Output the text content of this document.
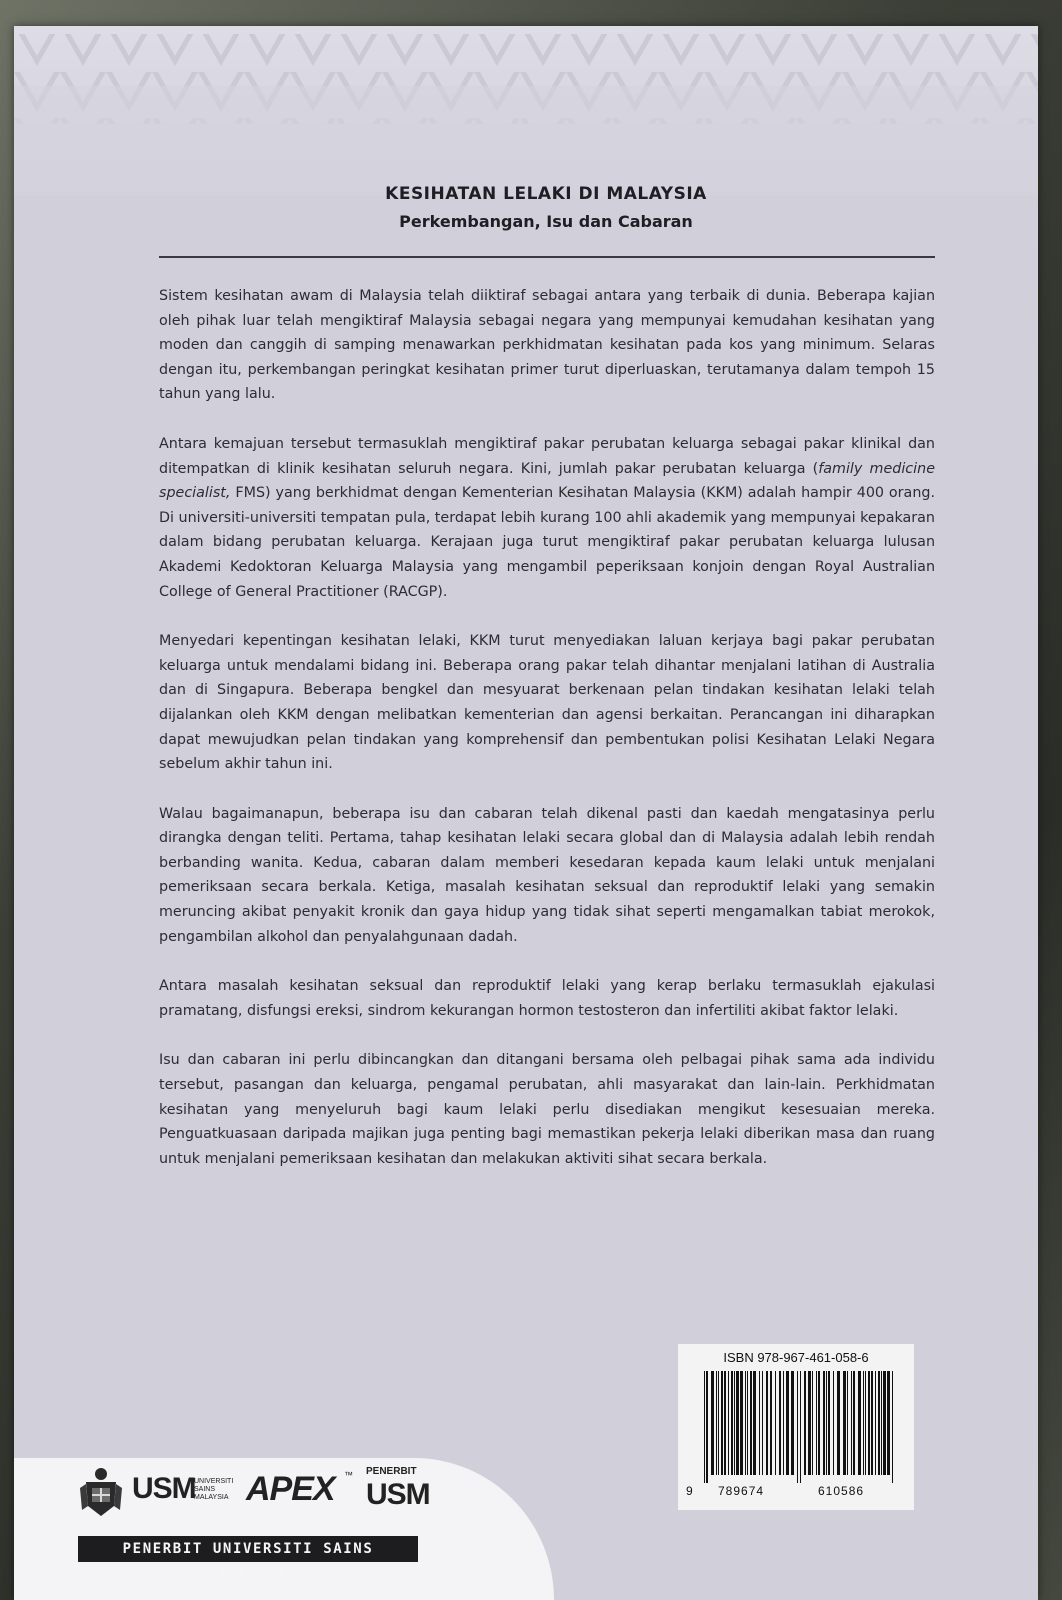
KESIHATAN LELAKI DI MALAYSIA
Perkembangan, Isu dan Cabaran

Sistem kesihatan awam di Malaysia telah diiktiraf sebagai antara yang terbaik di dunia. Beberapa kajian oleh pihak luar telah mengiktiraf Malaysia sebagai negara yang mempunyai kemudahan kesihatan yang moden dan canggih di samping menawarkan perkhidmatan kesihatan pada kos yang minimum. Selaras dengan itu, perkembangan peringkat kesihatan primer turut diperluaskan, terutamanya dalam tempoh 15 tahun yang lalu.

Antara kemajuan tersebut termasuklah mengiktiraf pakar perubatan keluarga sebagai pakar klinikal dan ditempatkan di klinik kesihatan seluruh negara. Kini, jumlah pakar perubatan keluarga (family medicine specialist, FMS) yang berkhidmat dengan Kementerian Kesihatan Malaysia (KKM) adalah hampir 400 orang. Di universiti-universiti tempatan pula, terdapat lebih kurang 100 ahli akademik yang mempunyai kepakaran dalam bidang perubatan keluarga. Kerajaan juga turut mengiktiraf pakar perubatan keluarga lulusan Akademi Kedoktoran Keluarga Malaysia yang mengambil peperiksaan konjoin dengan Royal Australian College of General Practitioner (RACGP).

Menyedari kepentingan kesihatan lelaki, KKM turut menyediakan laluan kerjaya bagi pakar perubatan keluarga untuk mendalami bidang ini. Beberapa orang pakar telah dihantar menjalani latihan di Australia dan di Singapura. Beberapa bengkel dan mesyuarat berkenaan pelan tindakan kesihatan lelaki telah dijalankan oleh KKM dengan melibatkan kementerian dan agensi berkaitan. Perancangan ini diharapkan dapat mewujudkan pelan tindakan yang komprehensif dan pembentukan polisi Kesihatan Lelaki Negara sebelum akhir tahun ini.

Walau bagaimanapun, beberapa isu dan cabaran telah dikenal pasti dan kaedah mengatasinya perlu dirangka dengan teliti. Pertama, tahap kesihatan lelaki secara global dan di Malaysia adalah lebih rendah berbanding wanita. Kedua, cabaran dalam memberi kesedaran kepada kaum lelaki untuk menjalani pemeriksaan secara berkala. Ketiga, masalah kesihatan seksual dan reproduktif lelaki yang semakin meruncing akibat penyakit kronik dan gaya hidup yang tidak sihat seperti mengamalkan tabiat merokok, pengambilan alkohol dan penyalahgunaan dadah.

Antara masalah kesihatan seksual dan reproduktif lelaki yang kerap berlaku termasuklah ejakulasi pramatang, disfungsi ereksi, sindrom kekurangan hormon testosteron dan infertiliti akibat faktor lelaki.

Isu dan cabaran ini perlu dibincangkan dan ditangani bersama oleh pelbagai pihak sama ada individu tersebut, pasangan dan keluarga, pengamal perubatan, ahli masyarakat dan lain-lain. Perkhidmatan kesihatan yang menyeluruh bagi kaum lelaki perlu disediakan mengikut kesesuaian mereka. Penguatkuasaan daripada majikan juga penting bagi memastikan pekerja lelaki diberikan masa dan ruang untuk menjalani pemeriksaan kesihatan dan melakukan aktiviti sihat secara berkala.

ISBN 978-967-461-058-6
9 789674	610586
USM
UNIVERSITI
SAINS
MALAYSIA APEX ™ PENERBIT
USM
PENERBIT UNIVERSITI SAINS MALAYSIA
